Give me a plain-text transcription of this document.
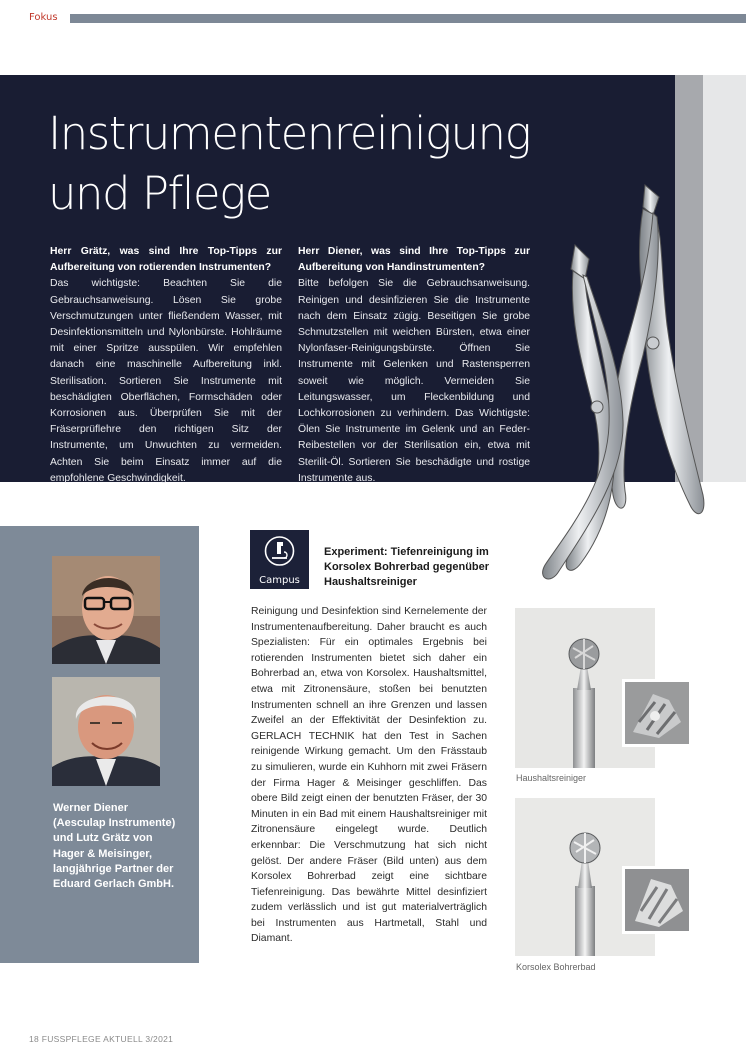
Fokus
Instrumentenreinigung
und Pflege
Herr Grätz, was sind Ihre Top-Tipps zur Aufbereitung von rotierenden Instrumenten?
Das wichtigste: Beachten Sie die Gebrauchsanweisung. Lösen Sie grobe Verschmutzungen unter fließendem Wasser, mit Desinfektionsmitteln und Nylonbürste. Hohlräume mit einer Spritze ausspülen. Wir empfehlen danach eine maschinelle Aufbereitung inkl. Sterilisation. Sortieren Sie Instrumente mit beschädigten Oberflächen, Formschäden oder Korrosionen aus. Überprüfen Sie mit der Fräserprüflehre den richtigen Sitz der Instrumente, um Unwuchten zu vermeiden. Achten Sie beim Einsatz immer auf die empfohlene Geschwindigkeit.
Herr Diener, was sind Ihre Top-Tipps zur Aufbereitung von Handinstrumenten?
Bitte befolgen Sie die Gebrauchsanweisung. Reinigen und desinfizieren Sie die Instrumente nach dem Einsatz zügig. Beseitigen Sie grobe Schmutzstellen mit weichen Bürsten, etwa einer Nylonfaser-Reinigungsbürste. Öffnen Sie Instrumente mit Gelenken und Rastensperren soweit wie möglich. Vermeiden Sie Leitungswasser, um Fleckenbildung und Lochkorrosionen zu verhindern. Das Wichtigste: Ölen Sie Instrumente im Gelenk und an Feder-Reibestellen vor der Sterilisation ein, etwa mit Sterilit-Öl. Sortieren Sie beschädigte und rostige Instrumente aus.
Werner Diener (Aesculap Instrumente) und Lutz Grätz von Hager & Meisinger, langjährige Partner der Eduard Gerlach GmbH.
Campus
Experiment: Tiefenreinigung im Korsolex Bohrerbad gegenüber Haushaltsreiniger
Reinigung und Desinfektion sind Kernelemente der Instrumentenaufbereitung. Daher braucht es auch Spezialisten: Für ein optimales Ergebnis bei rotierenden Instrumenten bietet sich daher ein Bohrerbad an, etwa von Korsolex. Haushaltsmittel, etwa mit Zitronensäure, stoßen bei benutzten Instrumenten schnell an ihre Grenzen und lassen Zweifel an der Effektivität der Desinfektion zu. GERLACH TECHNIK hat den Test in Sachen reinigende Wirkung gemacht. Um den Frässtaub zu simulieren, wurde ein Kuhhorn mit zwei Fräsern der Firma Hager & Meisinger geschliffen. Das obere Bild zeigt einen der benutzten Fräser, der 30 Minuten in ein Bad mit einem Haushaltsreiniger mit Zitronensäure eingelegt wurde. Deutlich erkennbar: Die Verschmutzung hat sich nicht gelöst. Der andere Fräser (Bild unten) aus dem Korsolex Bohrerbad zeigt eine sichtbare Tiefenreinigung. Das bewährte Mittel desinfiziert zudem verlässlich und ist gut materialverträglich bei Instrumenten aus Hartmetall, Stahl und Diamant.
Haushaltsreiniger
Korsolex Bohrerbad
18 FUSSPFLEGE AKTUELL 3/2021
